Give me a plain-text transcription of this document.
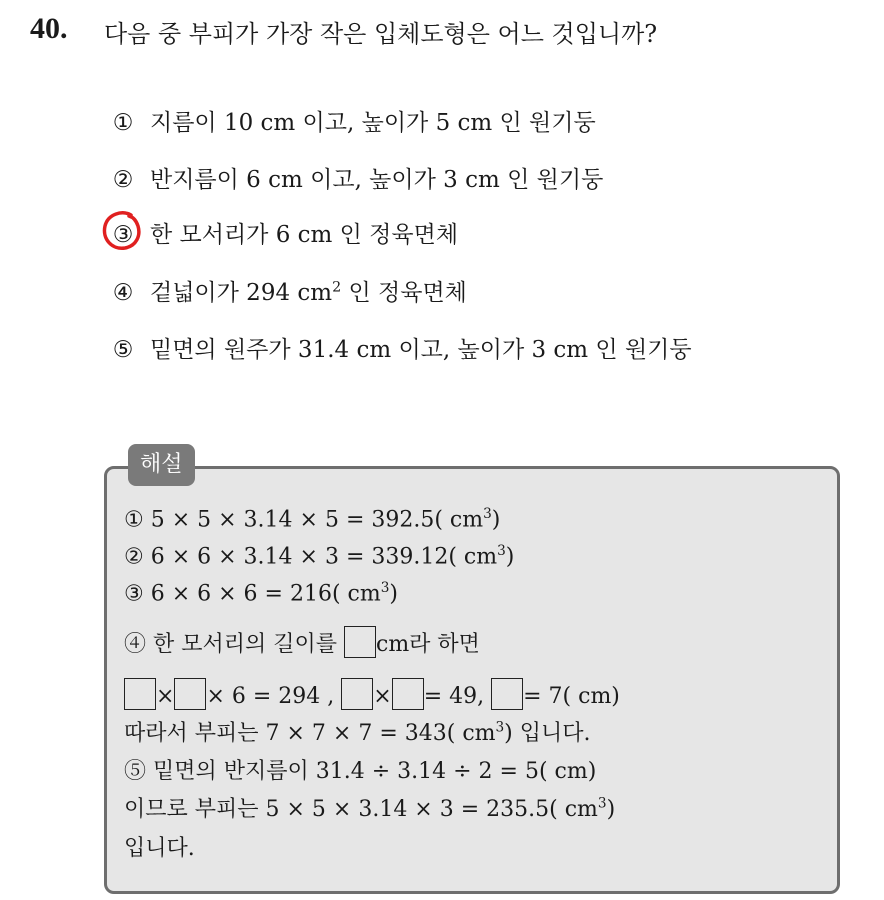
40. 다음 중 부피가 가장 작은 입체도형은 어느 것입니까?
① 지름이 10 cm 이고, 높이가 5 cm 인 원기둥
② 반지름이 6 cm 이고, 높이가 3 cm 인 원기둥
③ 한 모서리가 6 cm 인 정육면체
④ 겉넓이가 294 $cm^2$ 인 정육면체
⑤ 밑면의 원주가 31.4 cm 이고, 높이가 3 cm 인 원기둥
해설
① 5 × 5 × 3.14 × 5 = 392.5( $cm^3$)
② 6 × 6 × 3.14 × 3 = 339.12( $cm^3$)
③ 6 × 6 × 6 = 216( $cm^3$)
④ 한 모서리의 길이를 cm라 하면
× × 6 = 294 , × = 49, = 7( cm)
따라서 부피는 7 × 7 × 7 = 343( $cm^3$) 입니다.
⑤ 밑면의 반지름이 31.4 ÷ 3.14 ÷ 2 = 5( cm)
이므로 부피는 5 × 5 × 3.14 × 3 = 235.5( $cm^3$)
입니다.
